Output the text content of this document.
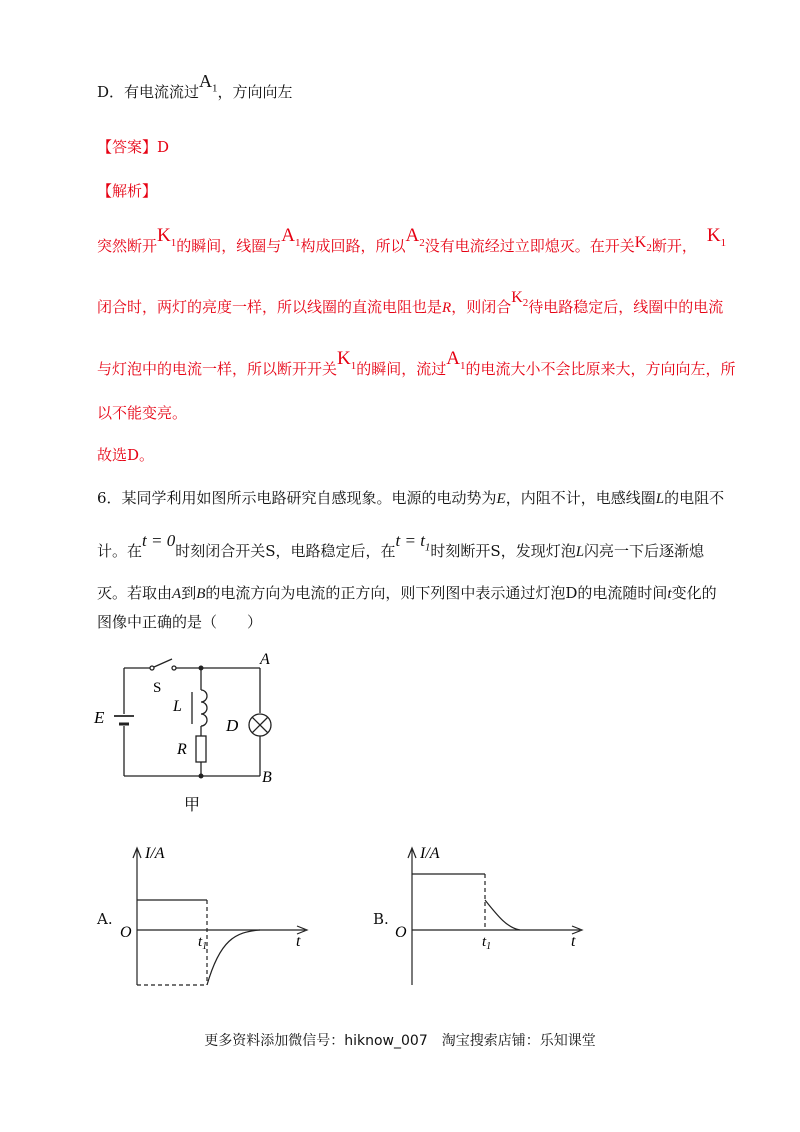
D．有电流流过$A_1$，方向向左
【答案】D
【解析】
突然断开$K_1$的瞬间，线圈与$A_1$构成回路，所以$A_2$没有电流经过立即熄灭。在开关$K_2$断开， $K_1$
闭合时，两灯的亮度一样，所以线圈的直流电阻也是R，则闭合$K_2$待电路稳定后，线圈中的电流
与灯泡中的电流一样，所以断开开关$K_1$的瞬间，流过$A_1$的电流大小不会比原来大，方向向左，所
以不能变亮。
故选D。
6．某同学利用如图所示电路研究自感现象。电源的电动势为E，内阻不计，电感线圈L的电阻不
计。在t = 0时刻闭合开关S，电路稳定后，在$t = t_1$时刻断开S，发现灯泡L闪亮一下后逐渐熄
灭。若取由A到B的电流方向为电流的正方向，则下列图中表示通过灯泡D的电流随时间t变化的
图像中正确的是（　　）
S
L
R
E	D
A
B
甲
A.
I/A
O
$t_1$	t
B.
I/A
O
$t_1$	t
更多资料添加微信号：hiknow_007　淘宝搜索店铺：乐知课堂
